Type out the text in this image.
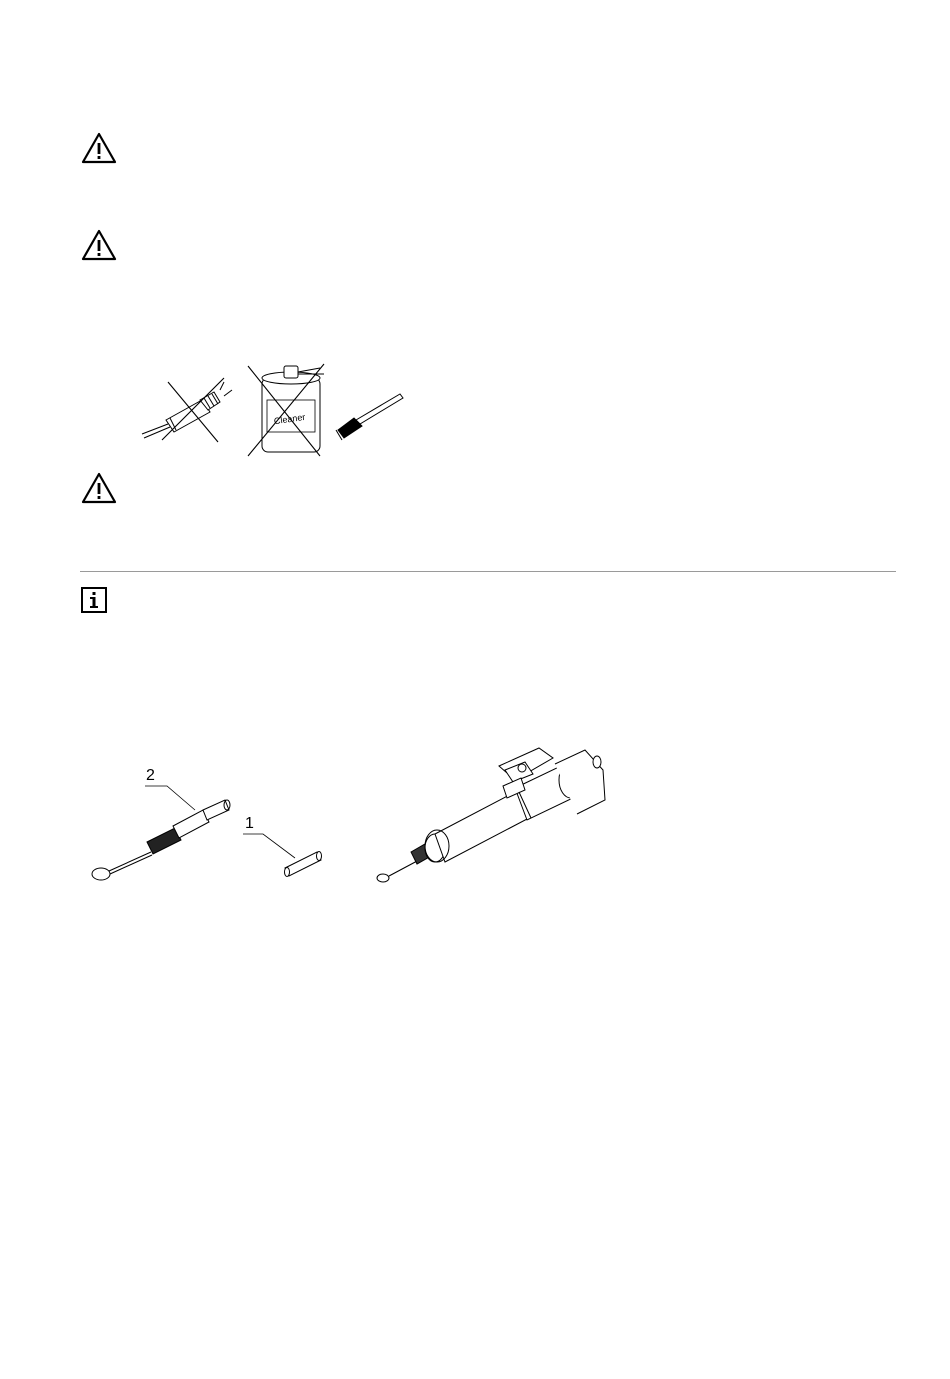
Cleaner
2
1
